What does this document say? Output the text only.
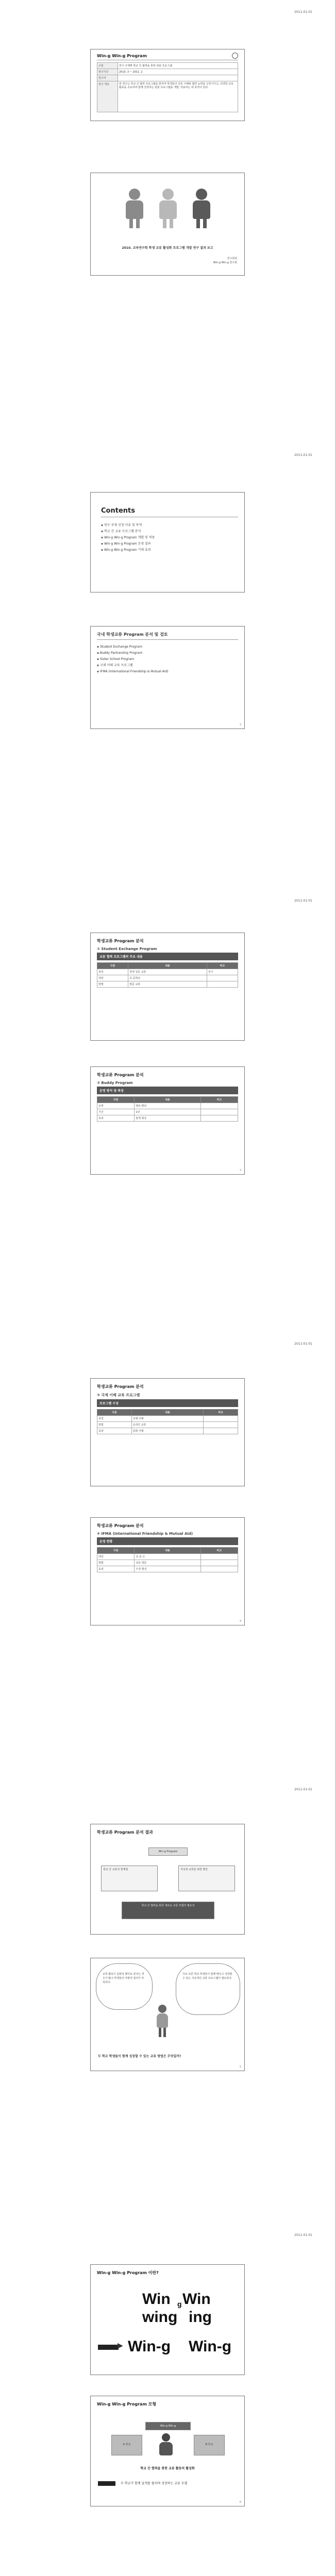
2011-01-01
Win-g Win-g Program
구분	연구 주제명 학교 간 협력을 통한 윈윈 프로그램
연구기간	2010. 3 ~ 2011. 2
연구자	
연구 개요	본 연구는 학교 간 협력 프로그램을 통하여 학생들의 상호 이해와 협력 능력을 신장시키고, 다양한 교육 활동을 공유하며 함께 성장하는 윈윈 프로그램을 개발, 적용하는 데 목적이 있다.
2010. 교육연구회 학생 교류 활성화 프로그램 개발 연구 결과 보고
연구회장
Win-g Win-g 연구회
2011-01-01
Contents
▪ 연구 주제 선정 이유 및 목적
▪ 학교 간 교류 프로그램 분석
▪ Win-g Win-g Program 개발 및 적용
▪ Win-g Win-g Program 운영 결과
▪ Win-g Win-g Program 기대 효과
국내 학생교류 Program 분석 및 검토
▪ Student Exchange Program
▪ Buddy Partnership Program
▪ Sister School Program
▪ 국제 이해 교육 프로그램
▪ IFMA (International Friendship & Mutual Aid)
2
2011-01-01
학생교류 Program 분석
① Student Exchange Program
교류 협력 프로그램의 주요 내용
구분	내용	비고
목적	학생 상호 교류	상시
대상	초·중학교	
방법	방문 교류	
학생교류 Program 분석
② Buddy Program
운영 방식 및 특징
구분	내용	비고
운영	멘토-멘티	
기간	1년	
효과	관계 형성	
3
2011-01-01
학생교류 Program 분석
③ 국제 이해 교육 프로그램
프로그램 구성
구분	내용	비고
목적	국제 이해	
방법	온라인 교류	
효과	문화 이해	
학생교류 Program 분석
④ IFMA (International Friendship & Mutual Aid)
운영 현황
구분	내용	비고
대상	초·중·고	
방법	상호 방문	
효과	우정 형성	
4
2011-01-01
학생교류 Program 분석 결과
Win-g Program
학교 간 교류의 한계점	지속적 교류를 위한 방안
학교 간 협력을 통한 새로운 교류 모델의 필요성
교류 활동이 일회성 행사로 끝나는 경우가 많고 학생들의 자발적 참여가 부족하다.
서로 다른 학교 학생들이 함께 배우고 성장할 수 있는 지속적인 교류 프로그램이 필요하다.
두 학교 학생들이 함께 성장할 수 있는 교류 방법은 무엇일까?
5
2011-01-01
Win-g Win-g Program 이란?
Win g
wing
Win
ing
▶ Win-g Win-g
Win-g Win-g Program 모형
Win-g Win-g
A 학교	B 학교
학교 간 협력을 통한 교류 활동의 활성화
두 학교가 함께 날개를 펼치며 성장하는 교류 모델
6
